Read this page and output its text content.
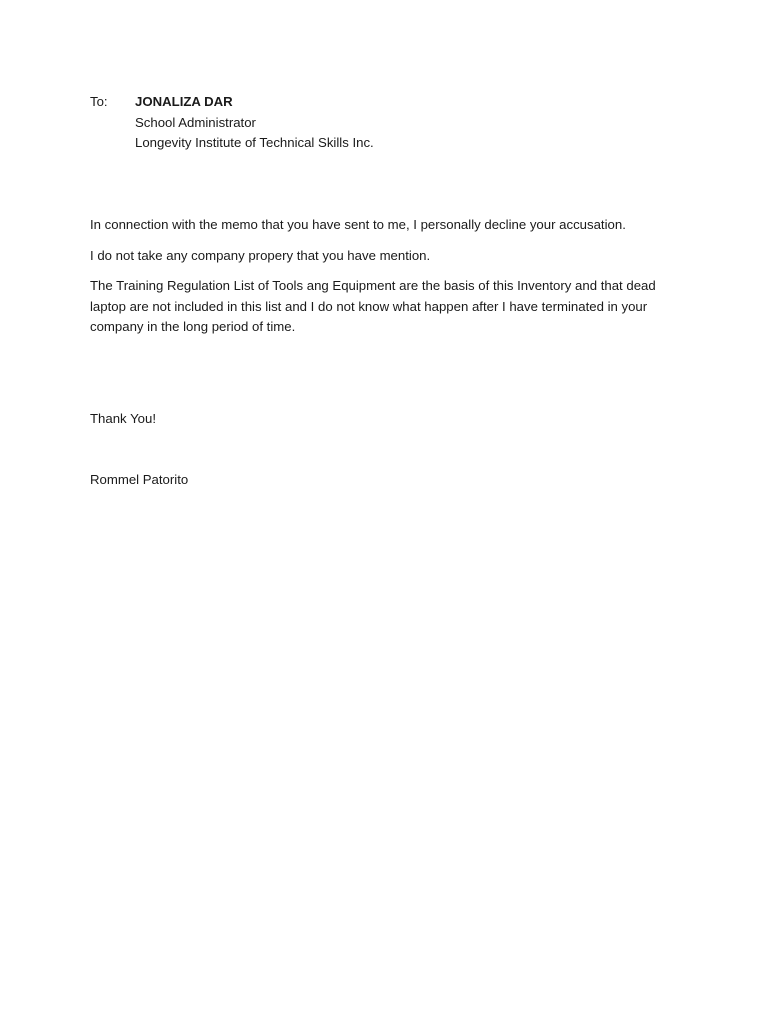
To:	JONALIZA DAR
School Administrator
Longevity Institute of Technical Skills Inc.

In connection with the memo that you have sent to me, I personally decline your accusation.

I do not take any company propery that you have mention.

The Training Regulation List of Tools ang Equipment are the basis of this Inventory and that dead laptop are not included in this list and I do not know what happen after I have terminated in your company in the long period of time.

Thank You!
Rommel Patorito
